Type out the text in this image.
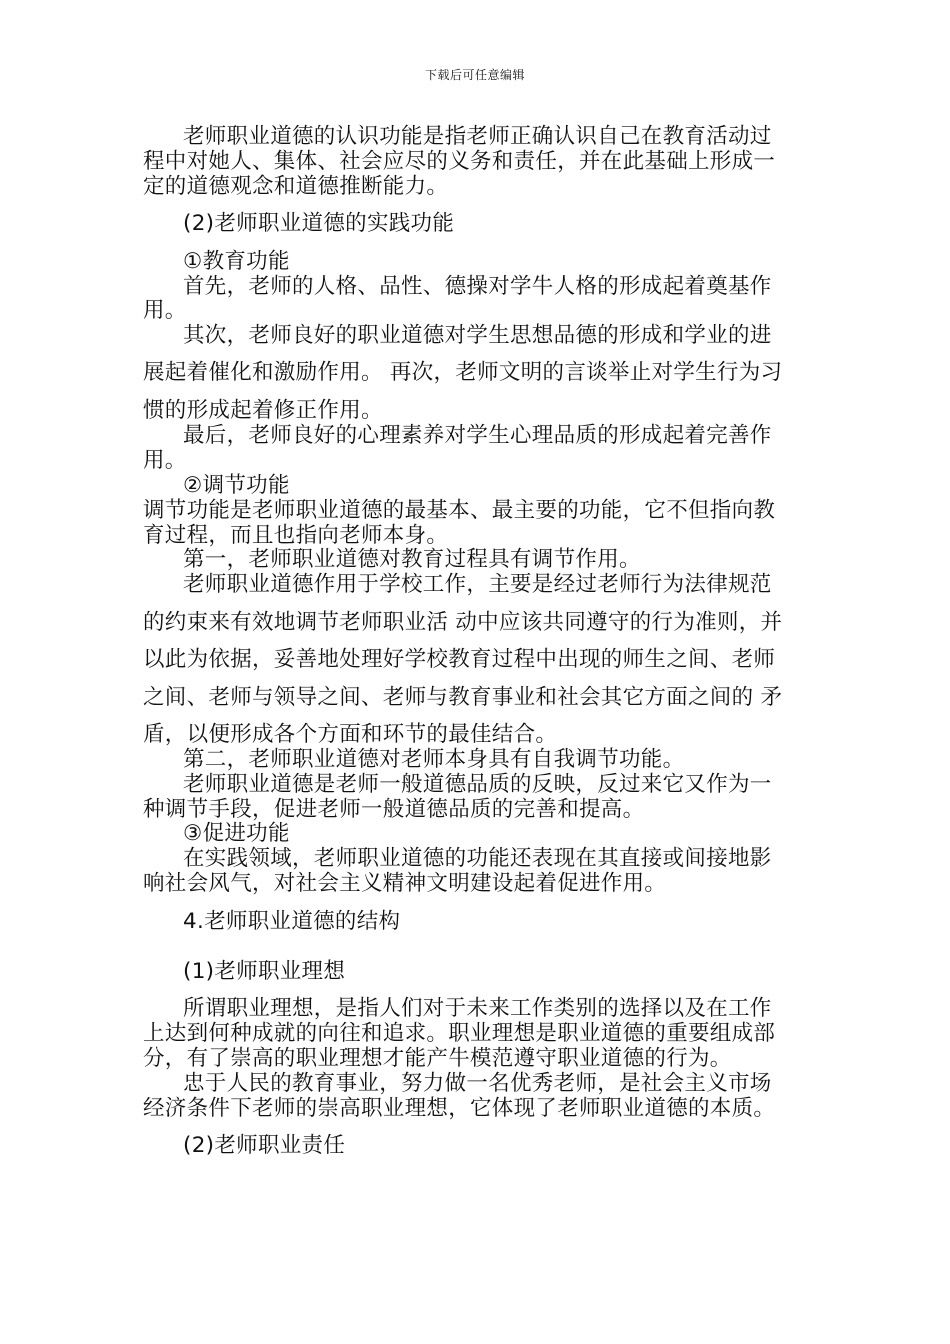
下载后可任意编辑
老师职业道德的认识功能是指老师正确认识自己在教育活动过
程中对她人、集体、社会应尽的义务和责任，并在此基础上形成一
定的道德观念和道德推断能力。
(2)老师职业道德的实践功能
①教育功能
首先，老师的人格、品性、德操对学牛人格的形成起着奠基作
用。
其次，老师良好的职业道德对学生思想品德的形成和学业的进
展起着催化和激励作用。 再次，老师文明的言谈举止对学生行为习
惯的形成起着修正作用。
最后，老师良好的心理素养对学生心理品质的形成起着完善作
用。
②调节功能
调节功能是老师职业道德的最基本、最主要的功能，它不但指向教
育过程，而且也指向老师本身。
第一，老师职业道德对教育过程具有调节作用。
老师职业道德作用于学校工作，主要是经过老师行为法律规范
的约束来有效地调节老师职业活 动中应该共同遵守的行为准则，并
以此为依据，妥善地处理好学校教育过程中出现的师生之间、老师
之间、老师与领导之间、老师与教育事业和社会其它方面之间的 矛
盾，以便形成各个方面和环节的最佳结合。
第二，老师职业道德对老师本身具有自我调节功能。
老师职业道德是老师一般道德品质的反映，反过来它又作为一
种调节手段，促进老师一般道德品质的完善和提高。
③促进功能
在实践领域，老师职业道德的功能还表现在其直接或间接地影
响社会风气，对社会主义精神文明建设起着促进作用。
4.老师职业道德的结构
(1)老师职业理想
所谓职业理想，是指人们对于未来工作类别的选择以及在工作
上达到何种成就的向往和追求。职业理想是职业道德的重要组成部
分，有了崇高的职业理想才能产牛模范遵守职业道德的行为。
忠于人民的教育事业，努力做一名优秀老师，是社会主义市场
经济条件下老师的崇高职业理想，它体现了老师职业道德的本质。
(2)老师职业责任
